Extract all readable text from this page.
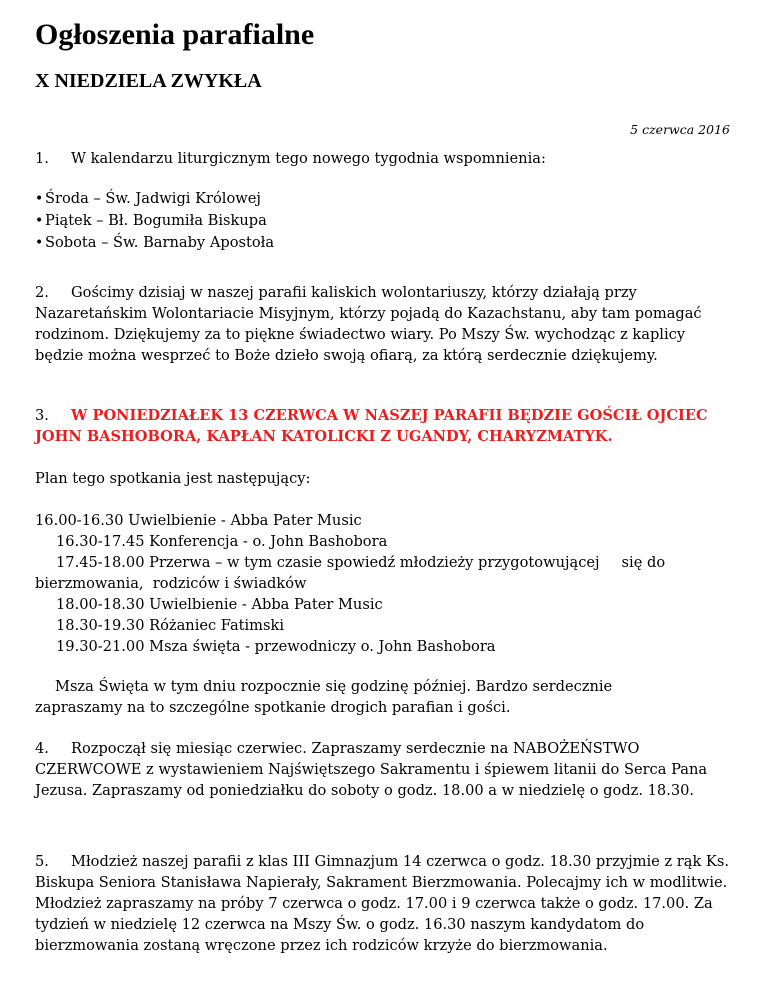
Ogłoszenia parafialne
X NIEDZIELA ZWYKŁA
5 czerwca 2016

1. W kalendarzu liturgicznym tego nowego tygodnia wspomnienia:

• Środa – Św. Jadwigi Królowej
• Piątek – Bł. Bogumiła Biskupa
• Sobota – Św. Barnaby Apostoła

2. Gościmy dzisiaj w naszej parafii kaliskich wolontariuszy, którzy działają przy Nazaretańskim Wolontariacie Misyjnym, którzy pojadą do Kazachstanu, aby tam pomagać rodzinom. Dziękujemy za to piękne świadectwo wiary. Po Mszy Św. wychodząc z kaplicy będzie można wesprzeć to Boże dzieło swoją ofiarą, za którą serdecznie dziękujemy.

3. W PONIEDZIAŁEK 13 CZERWCA W NASZEJ PARAFII BĘDZIE GOŚCIŁ OJCIEC JOHN BASHOBORA, KAPŁAN KATOLICKI Z UGANDY, CHARYZMATYK.

Plan tego spotkania jest następujący:

16.00-16.30 Uwielbienie - Abba Pater Music
16.30-17.45 Konferencja - o. John Bashobora
17.45-18.00 Przerwa – w tym czasie spowiedź młodzieży przygotowującej się do
bierzmowania,  rodziców i świadków
18.00-18.30 Uwielbienie - Abba Pater Music
18.30-19.30 Różaniec Fatimski
19.30-21.00 Msza święta - przewodniczy o. John Bashobora

Msza Święta w tym dniu rozpocznie się godzinę później. Bardzo serdecznie zapraszamy na to szczególne spotkanie drogich parafian i gości.

4. Rozpoczął się miesiąc czerwiec. Zapraszamy serdecznie na NABOŻEŃSTWO CZERWCOWE z wystawieniem Najświętszego Sakramentu i śpiewem litanii do Serca Pana Jezusa. Zapraszamy od poniedziałku do soboty o godz. 18.00 a w niedzielę o godz. 18.30.

5. Młodzież naszej parafii z klas III Gimnazjum 14 czerwca o godz. 18.30 przyjmie z rąk Ks. Biskupa Seniora Stanisława Napierały, Sakrament Bierzmowania. Polecajmy ich w modlitwie. Młodzież zapraszamy na próby 7 czerwca o godz. 17.00 i 9 czerwca także o godz. 17.00. Za tydzień w niedzielę 12 czerwca na Mszy Św. o godz. 16.30 naszym kandydatom do bierzmowania zostaną wręczone przez ich rodziców krzyże do bierzmowania.
